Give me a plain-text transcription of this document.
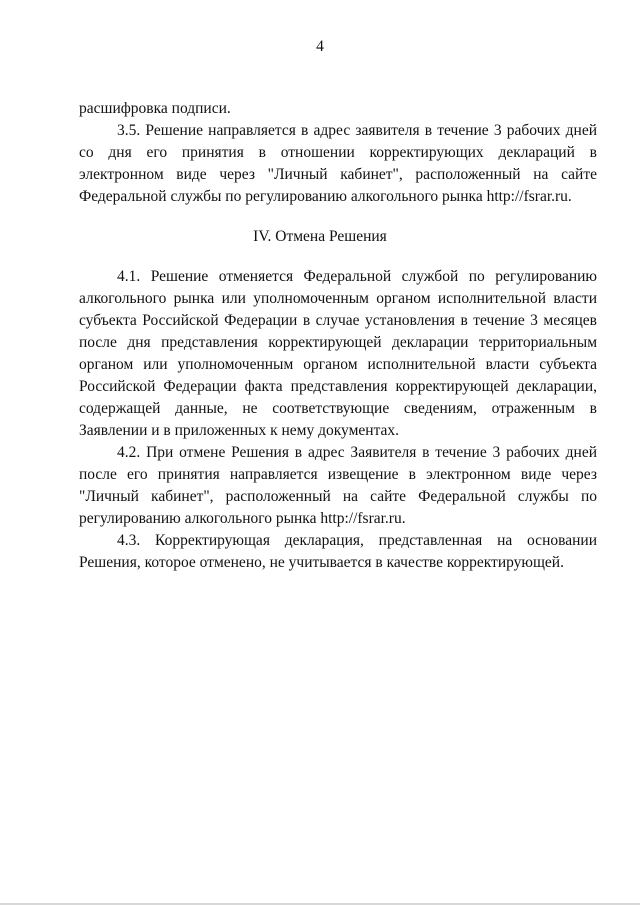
4

расшифровка подписи.

3.5. Решение направляется в адрес заявителя в течение 3 рабочих дней со дня его принятия в отношении корректирующих деклараций в электронном виде через "Личный кабинет", расположенный на сайте Федеральной службы по регулированию алкогольного рынка http://fsrar.ru.

IV. Отмена Решения

4.1. Решение отменяется Федеральной службой по регулированию алкогольного рынка или уполномоченным органом исполнительной власти субъекта Российской Федерации в случае установления в течение 3 месяцев после дня представления корректирующей декларации территориальным органом или уполномоченным органом исполнительной власти субъекта Российской Федерации факта представления корректирующей декларации, содержащей данные, не соответствующие сведениям, отраженным в Заявлении и в приложенных к нему документах.

4.2. При отмене Решения в адрес Заявителя в течение 3 рабочих дней после его принятия направляется извещение в электронном виде через "Личный кабинет", расположенный на сайте Федеральной службы по регулированию алкогольного рынка http://fsrar.ru.

4.3. Корректирующая декларация, представленная на основании Решения, которое отменено, не учитывается в качестве корректирующей.
